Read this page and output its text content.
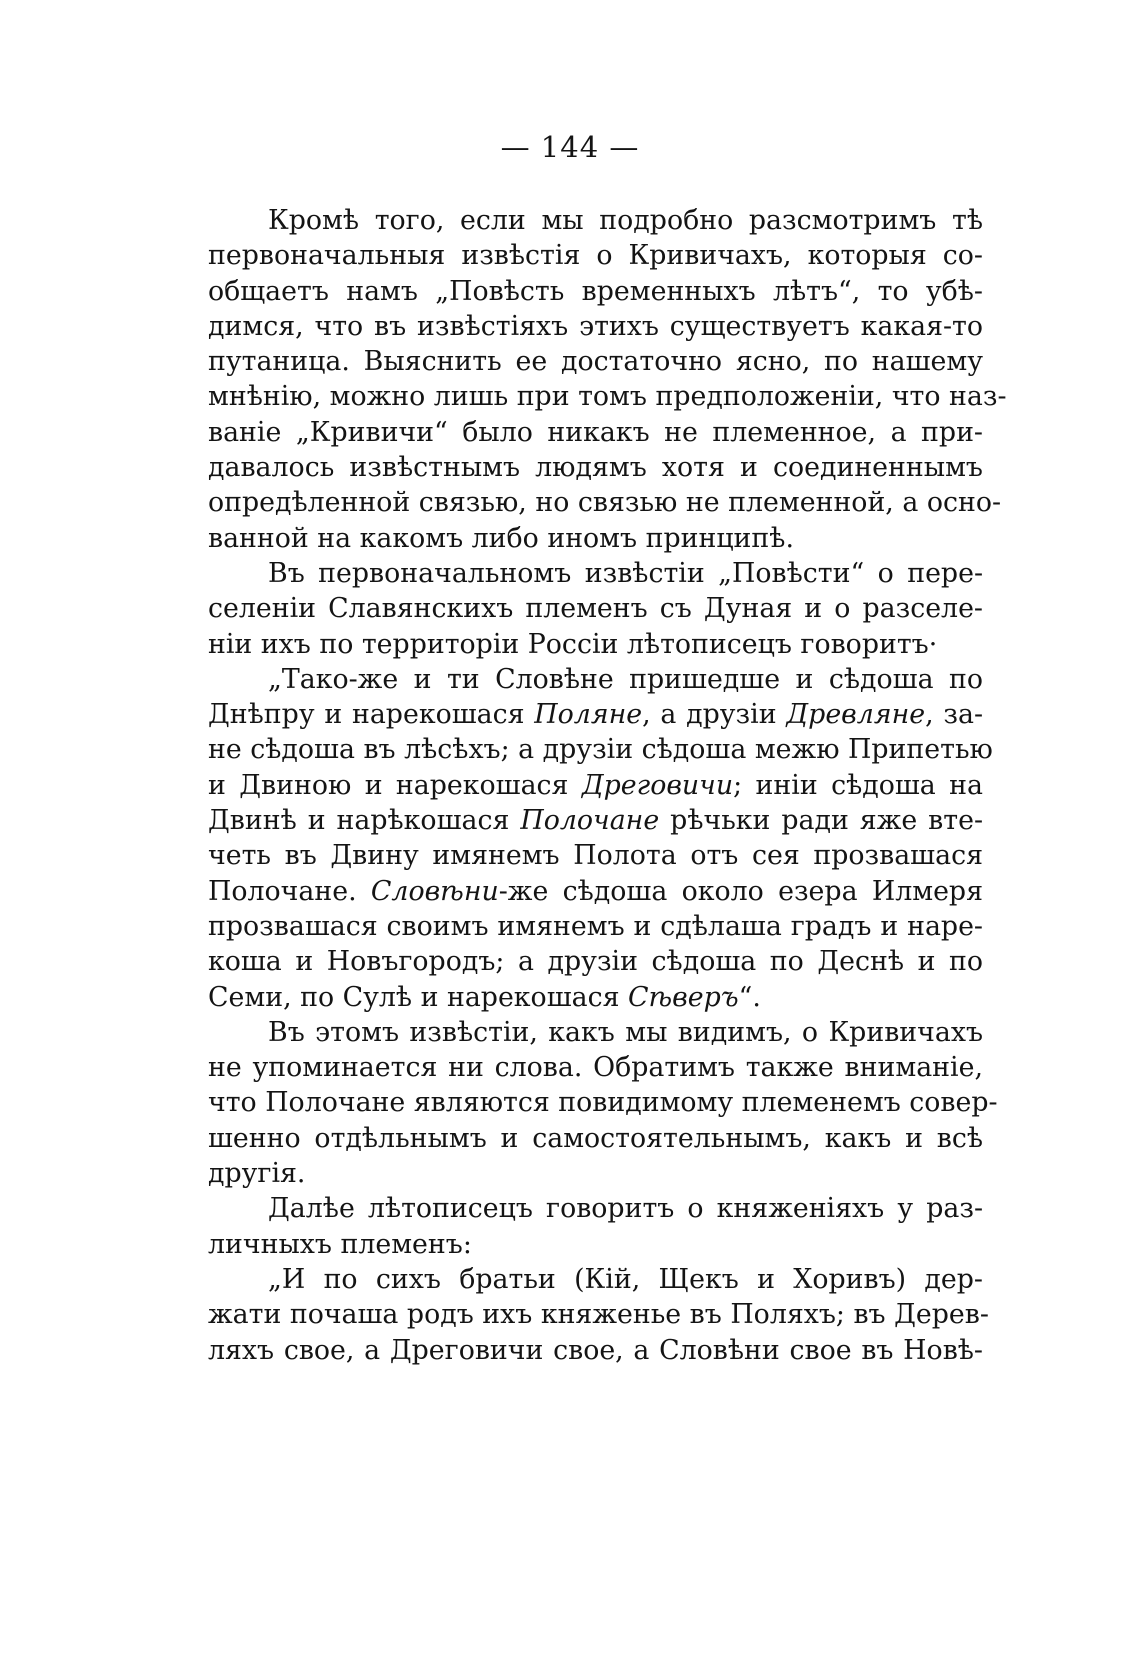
— 144 —
Кромѣ того, если мы подробно разсмотримъ тѣ
первоначальныя извѣстія о Кривичахъ, которыя со-
общаетъ намъ „Повѣсть временныхъ лѣтъ“, то убѣ-
димся, что въ извѣстіяхъ этихъ существуетъ какая-то
путаница. Выяснить ее достаточно ясно, по нашему
мнѣнію, можно лишь при томъ предположеніи, что наз-
ваніе „Кривичи“ было никакъ не племенное, а при-
давалось извѣстнымъ людямъ хотя и соединеннымъ
опредѣленной связью, но связью не племенной, а осно-
ванной на какомъ либо иномъ принципѣ.
Въ первоначальномъ извѣстіи „Повѣсти“ о пере-
селеніи Славянскихъ племенъ съ Дуная и о разселе-
ніи ихъ по территоріи Россіи лѣтописецъ говоритъ·
„Тако-же и ти Словѣне пришедше и сѣдоша по
Днѣпру и нарекошася Поляне, а друзіи Древляне, за-
не сѣдоша въ лѣсѣхъ; а друзіи сѣдоша межю Припетью
и Двиною и нарекошася Дреговичи; иніи сѣдоша на
Двинѣ и нарѣкошася Полочане рѣчьки ради яже вте-
четь въ Двину имянемъ Полота отъ сея прозвашася
Полочане. Словѣни-же сѣдоша около езера Илмеря
прозвашася своимъ имянемъ и сдѣлаша градъ и наре-
коша и Новъгородъ; а друзіи сѣдоша по Деснѣ и по
Семи, по Сулѣ и нарекошася Сѣверъ“.
Въ этомъ извѣстіи, какъ мы видимъ, о Кривичахъ
не упоминается ни слова. Обратимъ также вниманіе,
что Полочане являются повидимому племенемъ совер-
шенно отдѣльнымъ и самостоятельнымъ, какъ и всѣ
другія.
Далѣе лѣтописецъ говоритъ о княженіяхъ у раз-
личныхъ племенъ:
„И по сихъ братьи (Кій, Щекъ и Хоривъ) дер-
жати почаша родъ ихъ княженье въ Поляхъ; въ Дерев-
ляхъ свое, а Дреговичи свое, а Словѣни свое въ Новѣ-
